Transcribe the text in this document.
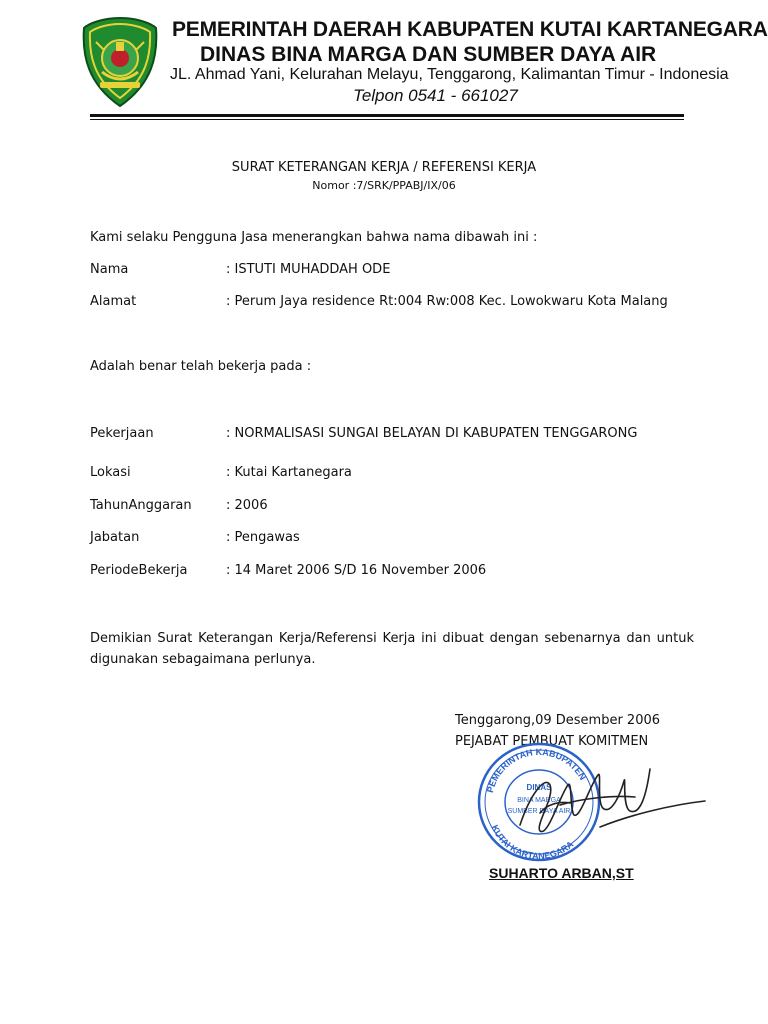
PEMERINTAH DAERAH KABUPATEN KUTAI KARTANEGARA
DINAS BINA MARGA DAN SUMBER DAYA AIR
JL. Ahmad Yani, Kelurahan Melayu, Tenggarong, Kalimantan Timur - Indonesia
Telpon 0541 - 661027
SURAT KETERANGAN KERJA / REFERENSI KERJA
Nomor :7/SRK/PPABJ/IX/06
Kami selaku Pengguna Jasa menerangkan bahwa nama dibawah ini :
Nama	: ISTUTI MUHADDAH ODE
Alamat	: Perum Jaya residence Rt:004 Rw:008 Kec. Lowokwaru Kota Malang
Adalah benar telah bekerja pada :
Pekerjaan	: NORMALISASI SUNGAI BELAYAN DI KABUPATEN TENGGARONG
Lokasi	: Kutai Kartanegara
TahunAnggaran	: 2006
Jabatan	: Pengawas
PeriodeBekerja	: 14 Maret 2006 S/D 16 November 2006
Demikian Surat Keterangan Kerja/Referensi Kerja ini dibuat dengan sebenarnya dan untuk digunakan sebagaimana perlunya.
Tenggarong,09 Desember 2006
PEJABAT PEMBUAT KOMITMEN
PEMERINTAH KABUPATEN
KUTAI KARTANEGARA
DINAS
BINA MARGA
SUMBER DAYA AIR
SUHARTO ARBAN,ST
